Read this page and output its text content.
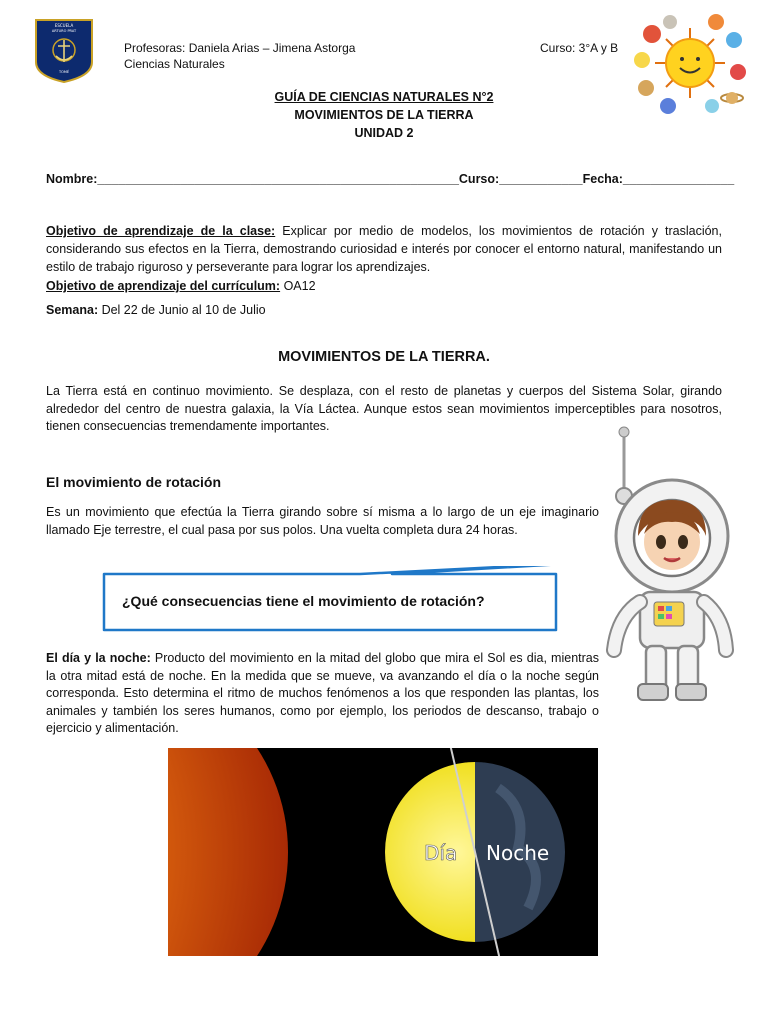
ESCUELA
ARTURO PRAT
TOMÉ
Profesoras: Daniela Arias – Jimena Astorga
Ciencias Naturales
Curso: 3°A y B
GUÍA DE CIENCIAS NATURALES N°2
MOVIMIENTOS DE LA TIERRA
UNIDAD 2
Nombre:____________________________________________________Curso:____________Fecha:________________
Objetivo de aprendizaje de la clase: Explicar por medio de modelos, los movimientos de rotación y traslación, considerando sus efectos en la Tierra, demostrando curiosidad e interés por conocer el entorno natural, manifestando un estilo de trabajo riguroso y perseverante para lograr los aprendizajes.
Objetivo de aprendizaje del currículum: OA12
Semana: Del 22 de Junio al 10 de Julio
MOVIMIENTOS DE LA TIERRA.
La Tierra está en continuo movimiento. Se desplaza, con el resto de planetas y cuerpos del Sistema Solar, girando alrededor del centro de nuestra galaxia, la Vía Láctea. Aunque estos sean movimientos imperceptibles para nosotros, tienen consecuencias tremendamente importantes.
El movimiento de rotación
Es un movimiento que efectúa la Tierra girando sobre sí misma a lo largo de un eje imaginario llamado Eje terrestre, el cual pasa por sus polos. Una vuelta completa dura 24 horas.
¿Qué consecuencias tiene el movimiento de rotación?
El día y la noche: Producto del movimiento en la mitad del globo que mira el Sol es dia, mientras la otra mitad está de noche. En la medida que se mueve, va avanzando el día o la noche según corresponda. Esto determina el ritmo de muchos fenómenos a los que responden las plantas, los animales y también los seres humanos, como por ejemplo, los periodos de descanso, trabajo o ejercicio y alimentación.
Día Noche
